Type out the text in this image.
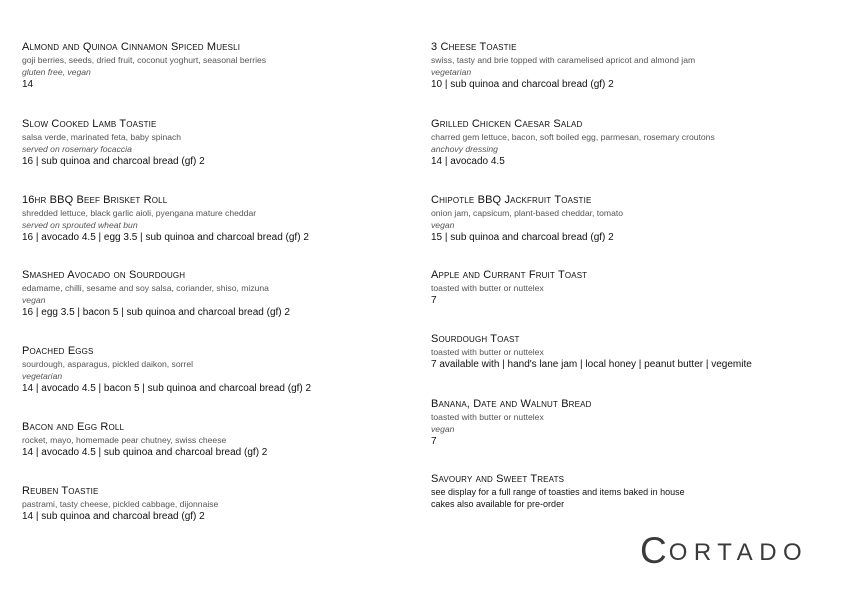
Almond and Quinoa Cinnamon Spiced Muesli
goji berries, seeds, dried fruit, coconut yoghurt, seasonal berries
gluten free, vegan
14
Slow Cooked Lamb Toastie
salsa verde, marinated feta, baby spinach
served on rosemary focaccia
16 | sub quinoa and charcoal bread (gf) 2
16hr BBQ Beef Brisket Roll
shredded lettuce, black garlic aioli, pyengana mature cheddar
served on sprouted wheat bun
16 | avocado 4.5 | egg 3.5 | sub quinoa and charcoal bread (gf) 2
Smashed Avocado on Sourdough
edamame, chilli, sesame and soy salsa, coriander, shiso, mizuna
vegan
16 | egg 3.5 | bacon 5 | sub quinoa and charcoal bread (gf) 2
Poached Eggs
sourdough, asparagus, pickled daikon, sorrel
vegetarian
14 | avocado 4.5 | bacon 5 | sub quinoa and charcoal bread (gf) 2
Bacon and Egg Roll
rocket, mayo, homemade pear chutney, swiss cheese
14 | avocado 4.5 | sub quinoa and charcoal bread (gf) 2
Reuben Toastie
pastrami, tasty cheese, pickled cabbage, dijonnaise
14 | sub quinoa and charcoal bread (gf) 2
3 Cheese Toastie
swiss, tasty and brie topped with caramelised apricot and almond jam
vegetarian
10 | sub quinoa and charcoal bread (gf) 2
Grilled Chicken Caesar Salad
charred gem lettuce, bacon, soft boiled egg, parmesan, rosemary croutons
anchovy dressing
14 | avocado 4.5
Chipotle BBQ Jackfruit Toastie
onion jam, capsicum, plant-based cheddar, tomato
vegan
15 | sub quinoa and charcoal bread (gf) 2
Apple and Currant Fruit Toast
toasted with butter or nuttelex
7
Sourdough Toast
toasted with butter or nuttelex
7 available with | hand's lane jam | local honey | peanut butter | vegemite
Banana, Date and Walnut Bread
toasted with butter or nuttelex
vegan
7
Savoury and Sweet Treats
see display for a full range of toasties and items baked in house
cakes also available for pre-order
C ORTADO
